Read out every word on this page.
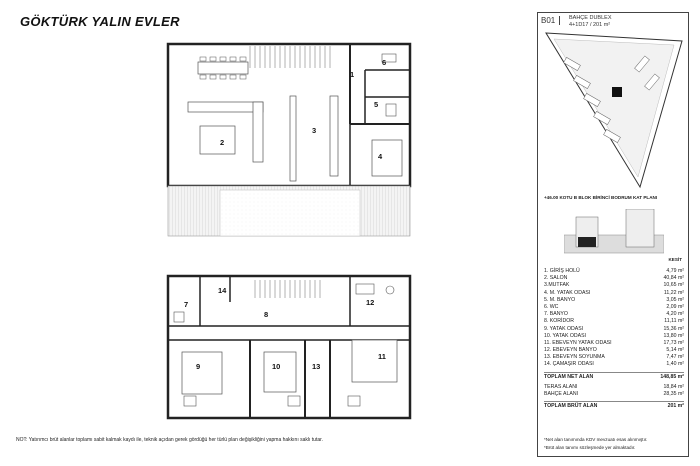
GÖKTÜRK YALIN EVLER
1
2
3
4
5
6
7
8
9	10
11
12
13
14
NOT: Yatırımcı brüt alanlar toplamı sabit kalmak kaydı ile, teknik açıdan gerek gördüğü her türlü plan değişikliğini yapma hakkını saklı tutar.
B01	BAHÇE DUBLEX
4+1D17 / 201 m²
+46.00 KOTU B BLOK BİRİNCİ BODRUM KAT PLANI
KESİT
1. GİRİŞ HOLÜ	4,79 m²
2. SALON	40,84 m²
3.MUTFAK	10,65 m²
4. M. YATAK ODASI	11,22 m²
5. M. BANYO	3,05 m²
6. WC	2,09 m²
7. BANYO	4,20 m²
8. KORİDOR	11,11 m²
9. YATAK ODASI	15,36 m²
10. YATAK ODASI	13,80 m²
11. EBEVEYN YATAK ODASI	17,73 m²
12. EBEVEYN BANYO	5,14 m²
13. EBEVEYN SOYUNMA	7,47 m²
14. ÇAMAŞIR ODASI	1,40 m²
TOPLAM NET ALAN	148,85 m²
TERAS ALANI	18,84 m²
BAHÇE ALANI	28,35 m²
TOPLAM BRÜT ALAN	201 m²
*Net alan tanımında KDV mevzuatı esas alınmıştır.
*Brüt alan tanımı sözleşmede yer almaktadır.
